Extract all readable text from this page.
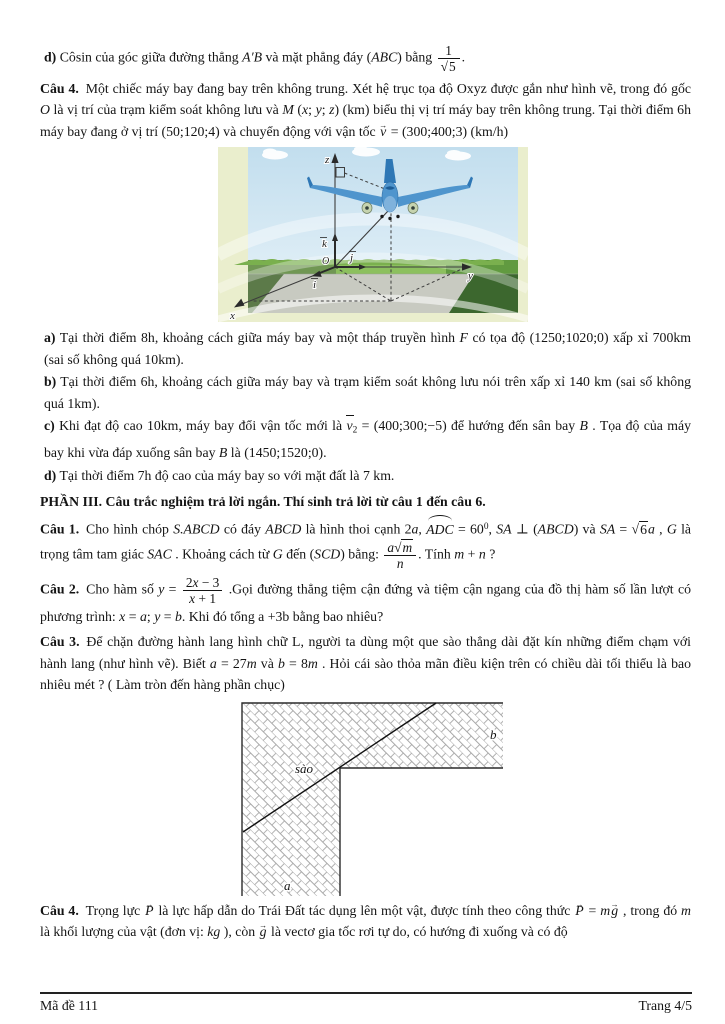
d) Côsin của góc giữa đường thẳng A′B và mặt phẳng đáy (ABC) bằng $\frac{1}{√5}$ .
Câu 4. Một chiếc máy bay đang bay trên không trung. Xét hệ trục tọa độ Oxyz được gắn như hình vẽ, trong đó gốc O là vị trí của trạm kiểm soát không lưu và M (x; y; z) (km) biểu thị vị trí máy bay trên không trung. Tại thời điểm 6h máy bay đang ở vị trí (50;120;4) và chuyển động với vận tốc → v = (300;400;3) (km/h)
z
y
x
k
j
i
O
a) Tại thời điểm 8h, khoảng cách giữa máy bay và một tháp truyền hình F có tọa độ (1250;1020;0) xấp xỉ 700km (sai số không quá 10km).
b) Tại thời điểm 6h, khoảng cách giữa máy bay và trạm kiểm soát không lưu nói trên xấp xỉ 140 km (sai số không quá 1km).
c) Khi đạt độ cao 10km, máy bay đổi vận tốc mới là $v_2$ = (400;300;−5) để hướng đến sân bay B . Tọa độ của máy bay khi vừa đáp xuống sân bay B là (1450;1520;0).
d) Tại thời điểm 7h độ cao của máy bay so với mặt đất là 7 km.
PHẦN III. Câu trắc nghiệm trả lời ngắn. Thí sinh trả lời từ câu 1 đến câu 6.
Câu 1. Cho hình chóp S.ABCD có đáy ABCD là hình thoi cạnh 2a, ADC = $60^0$, SA ⊥ (ABCD) và SA = √6a , G là trọng tâm tam giác SAC . Khoảng cách từ G đến (SCD) bằng: $\frac{a√m}{n}$ . Tính m + n ?
Câu 2. Cho hàm số $y = \frac{2x - 3}{x + 1}$ .Gọi đường thẳng tiệm cận đứng và tiệm cận ngang của đồ thị hàm số lần lượt có phương trình: x = a; y = b. Khi đó tổng a +3b bằng bao nhiêu?
Câu 3. Để chặn đường hành lang hình chữ L, người ta dùng một que sào thẳng dài đặt kín những điểm chạm với hành lang (như hình vẽ). Biết a = 27m và b = 8m . Hỏi cái sào thỏa mãn điều kiện trên có chiều dài tối thiểu là bao nhiêu mét ? ( Làm tròn đến hàng phần chục)
sào
b
a
Câu 4. Trọng lực → P là lực hấp dẫn do Trái Đất tác dụng lên một vật, được tính theo công thức → P = m→ g , trong đó m là khối lượng của vật (đơn vị: kg ), còn → g là vectơ gia tốc rơi tự do, có hướng đi xuống và có độ
Mã đề 111	Trang 4/5
